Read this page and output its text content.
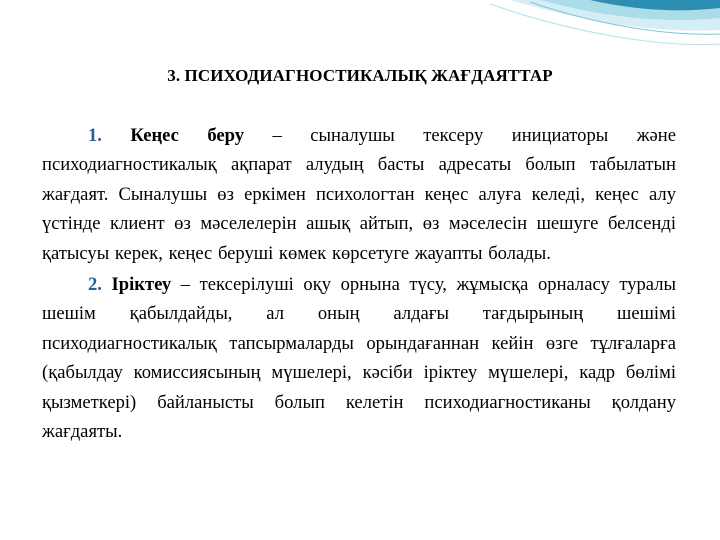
3. ПСИХОДИАГНОСТИКАЛЫҚ ЖАҒДАЯТТАР

1. Кеңес беру – сыналушы тексеру инициаторы және психодиагностикалық ақпарат алудың басты адресаты болып табылатын жағдаят. Сыналушы өз еркімен психологтан кеңес алуға келеді, кеңес алу үстінде клиент өз мәселелерін ашық айтып, өз мәселесін шешуге белсенді қатысуы керек, кеңес беруші көмек көрсетуге жауапты болады.

2. Іріктеу – тексерілуші оқу орнына түсу, жұмысқа орналасу туралы шешім қабылдайды, ал оның алдағы тағдырының шешімі психодиагностикалық тапсырмаларды орындағаннан кейін өзге тұлғаларға (қабылдау комиссиясының мүшелері, кәсіби іріктеу мүшелері, кадр бөлімі қызметкері) байланысты болып келетін психодиагностиканы қолдану жағдаяты.
